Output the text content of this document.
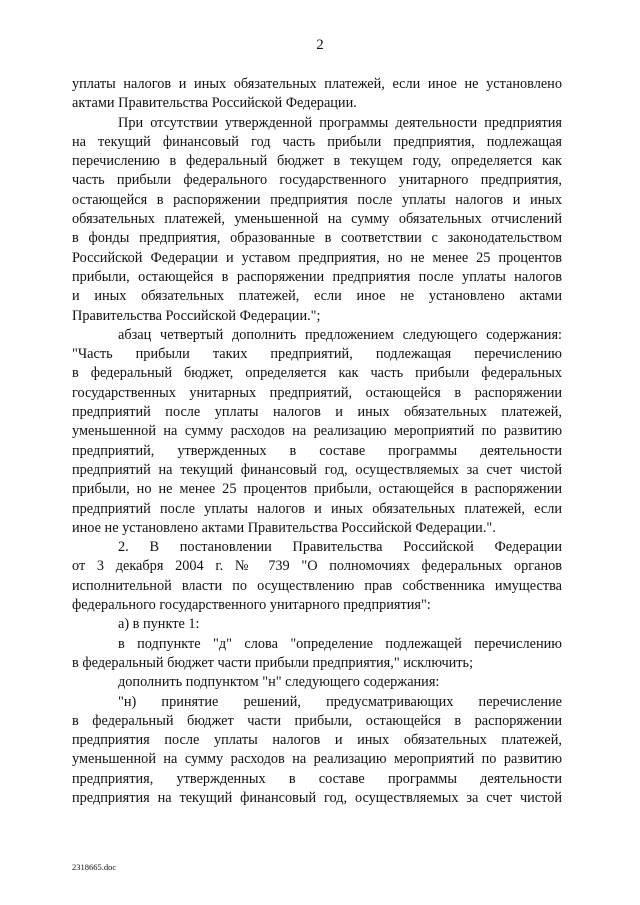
2
уплаты налогов и иных обязательных платежей, если иное не установлено
актами Правительства Российской Федерации.
При отсутствии утвержденной программы деятельности предприятия
на текущий финансовый год часть прибыли предприятия, подлежащая
перечислению в федеральный бюджет в текущем году, определяется как
часть прибыли федерального государственного унитарного предприятия,
остающейся в распоряжении предприятия после уплаты налогов и иных
обязательных платежей, уменьшенной на сумму обязательных отчислений
в фонды предприятия, образованные в соответствии с законодательством
Российской Федерации и уставом предприятия, но не менее 25 процентов
прибыли, остающейся в распоряжении предприятия после уплаты налогов
и иных обязательных платежей, если иное не установлено актами
Правительства Российской Федерации.";
абзац четвертый дополнить предложением следующего содержания:
"Часть прибыли таких предприятий, подлежащая перечислению
в федеральный бюджет, определяется как часть прибыли федеральных
государственных унитарных предприятий, остающейся в распоряжении
предприятий после уплаты налогов и иных обязательных платежей,
уменьшенной на сумму расходов на реализацию мероприятий по развитию
предприятий, утвержденных в составе программы деятельности
предприятий на текущий финансовый год, осуществляемых за счет чистой
прибыли, но не менее 25 процентов прибыли, остающейся в распоряжении
предприятий после уплаты налогов и иных обязательных платежей, если
иное не установлено актами Правительства Российской Федерации.".
2. В постановлении Правительства Российской Федерации
от 3 декабря 2004 г. № 739 "О полномочиях федеральных органов
исполнительной власти по осуществлению прав собственника имущества
федерального государственного унитарного предприятия":
а) в пункте 1:
в подпункте "д" слова "определение подлежащей перечислению
в федеральный бюджет части прибыли предприятия," исключить;
дополнить подпунктом "н" следующего содержания:
"н) принятие решений, предусматривающих перечисление
в федеральный бюджет части прибыли, остающейся в распоряжении
предприятия после уплаты налогов и иных обязательных платежей,
уменьшенной на сумму расходов на реализацию мероприятий по развитию
предприятия, утвержденных в составе программы деятельности
предприятия на текущий финансовый год, осуществляемых за счет чистой
2318665.doc
